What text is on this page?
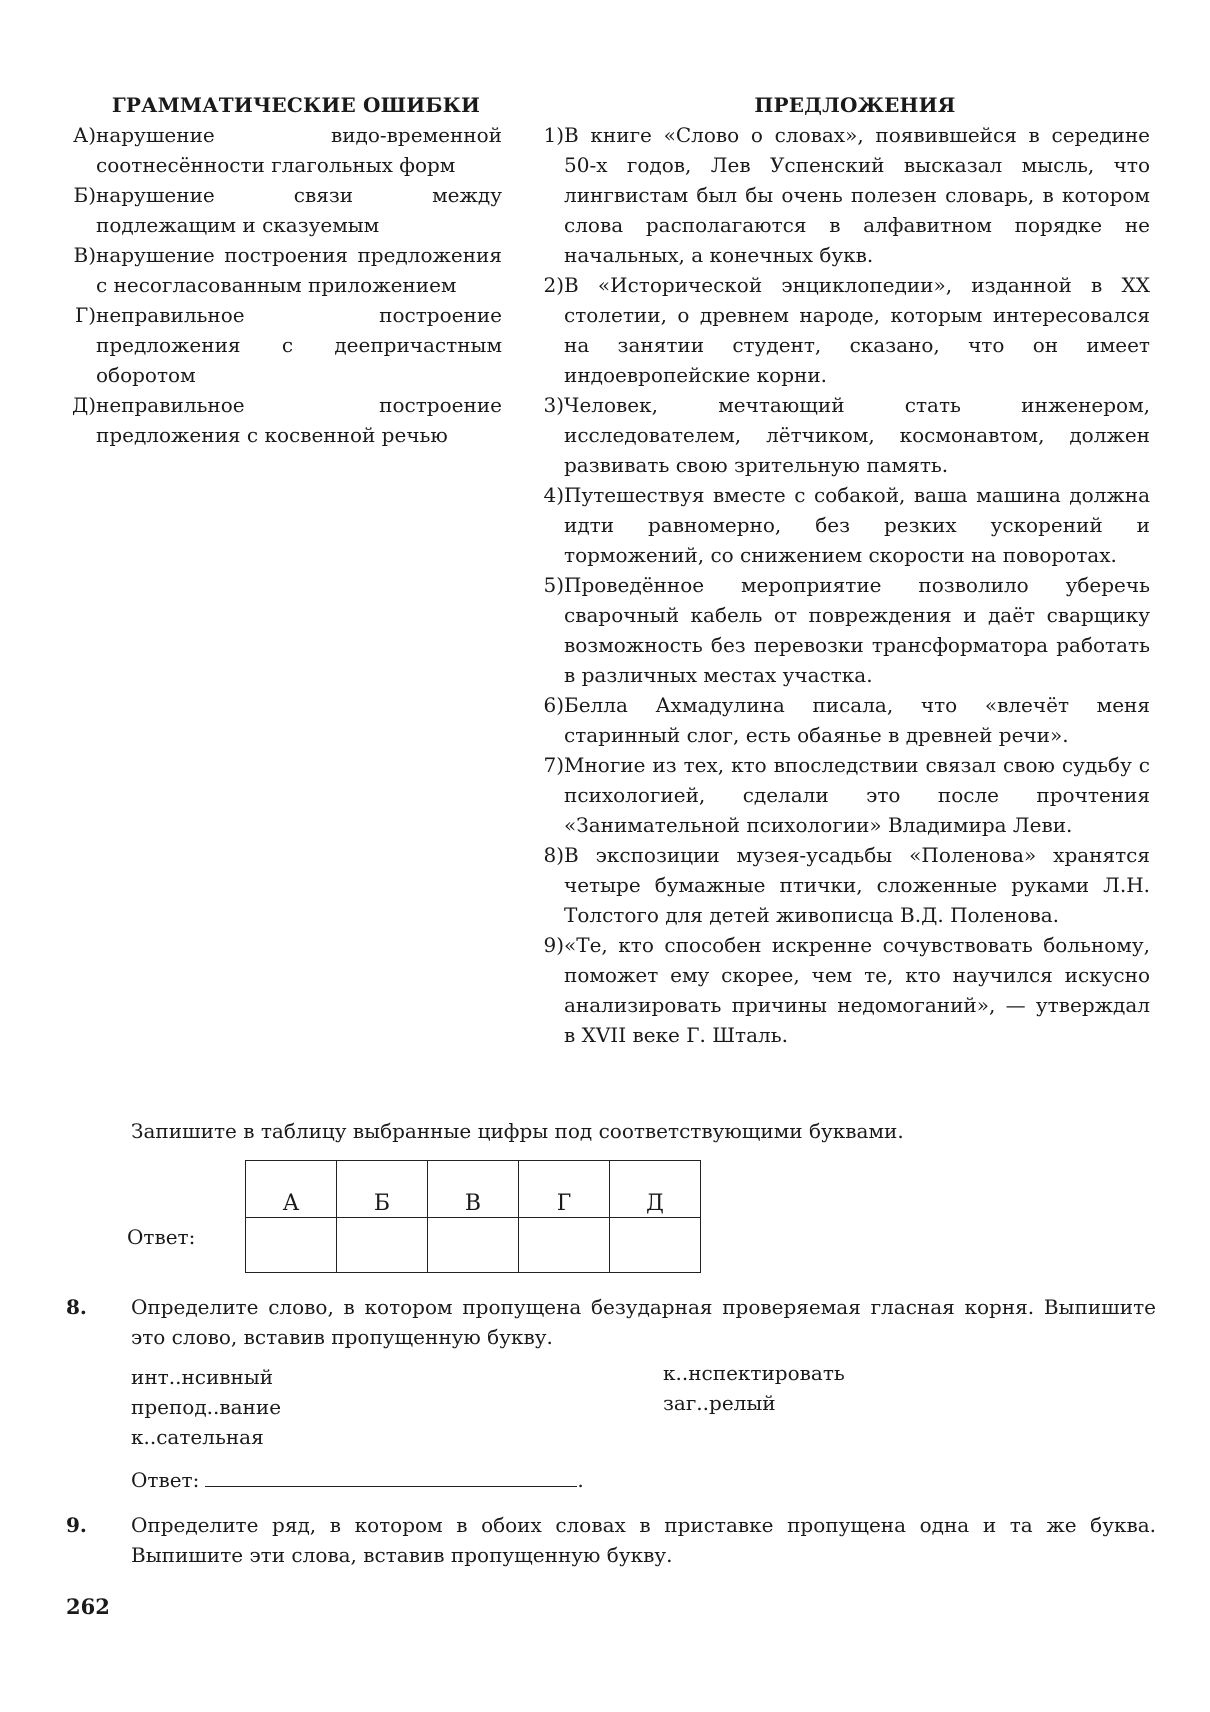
ГРАММАТИЧЕСКИЕ ОШИБКИ
А) нарушение видо-временной соотнесённости глагольных форм
Б) нарушение связи между подлежащим и сказуемым
В) нарушение построения предложения с несогласованным приложением
Г) неправильное построение предложения с деепричастным оборотом
Д) неправильное построение предложения с косвенной речью
ПРЕДЛОЖЕНИЯ
1) В книге «Слово о словах», появившейся в середине 50-х годов, Лев Успенский высказал мысль, что лингвистам был бы очень полезен словарь, в котором слова располагаются в алфавитном порядке не начальных, а конечных букв.
2) В «Исторической энциклопедии», изданной в XX столетии, о древнем народе, которым интересовался на занятии студент, сказано, что он имеет индоевропейские корни.
3) Человек, мечтающий стать инженером, исследователем, лётчиком, космонавтом, должен развивать свою зрительную память.
4) Путешествуя вместе с собакой, ваша машина должна идти равномерно, без резких ускорений и торможений, со снижением скорости на поворотах.
5) Проведённое мероприятие позволило уберечь сварочный кабель от повреждения и даёт сварщику возможность без перевозки трансформатора работать в различных местах участка.
6) Белла Ахмадулина писала, что «влечёт меня старинный слог, есть обаянье в древней речи».
7) Многие из тех, кто впоследствии связал свою судьбу с психологией, сделали это после прочтения «Занимательной психологии» Владимира Леви.
8) В экспозиции музея-усадьбы «Поленова» хранятся четыре бумажные птички, сложенные руками Л.Н. Толстого для детей живописца В.Д. Поленова.
9) «Те, кто способен искренне сочувствовать больному, поможет ему скорее, чем те, кто научился искусно анализировать причины недомоганий», — утверждал в XVII веке Г. Шталь.
Запишите в таблицу выбранные цифры под соответствующими буквами.
Ответ:
А	Б	В	Г	Д

8. Определите слово, в котором пропущена безударная проверяемая гласная корня. Выпишите это слово, вставив пропущенную букву.
инт..нсивный
препод..вание
к..сательная
к..нспектировать
заг..релый
Ответ:	.
9. Определите ряд, в котором в обоих словах в приставке пропущена одна и та же буква. Выпишите эти слова, вставив пропущенную букву.
262
